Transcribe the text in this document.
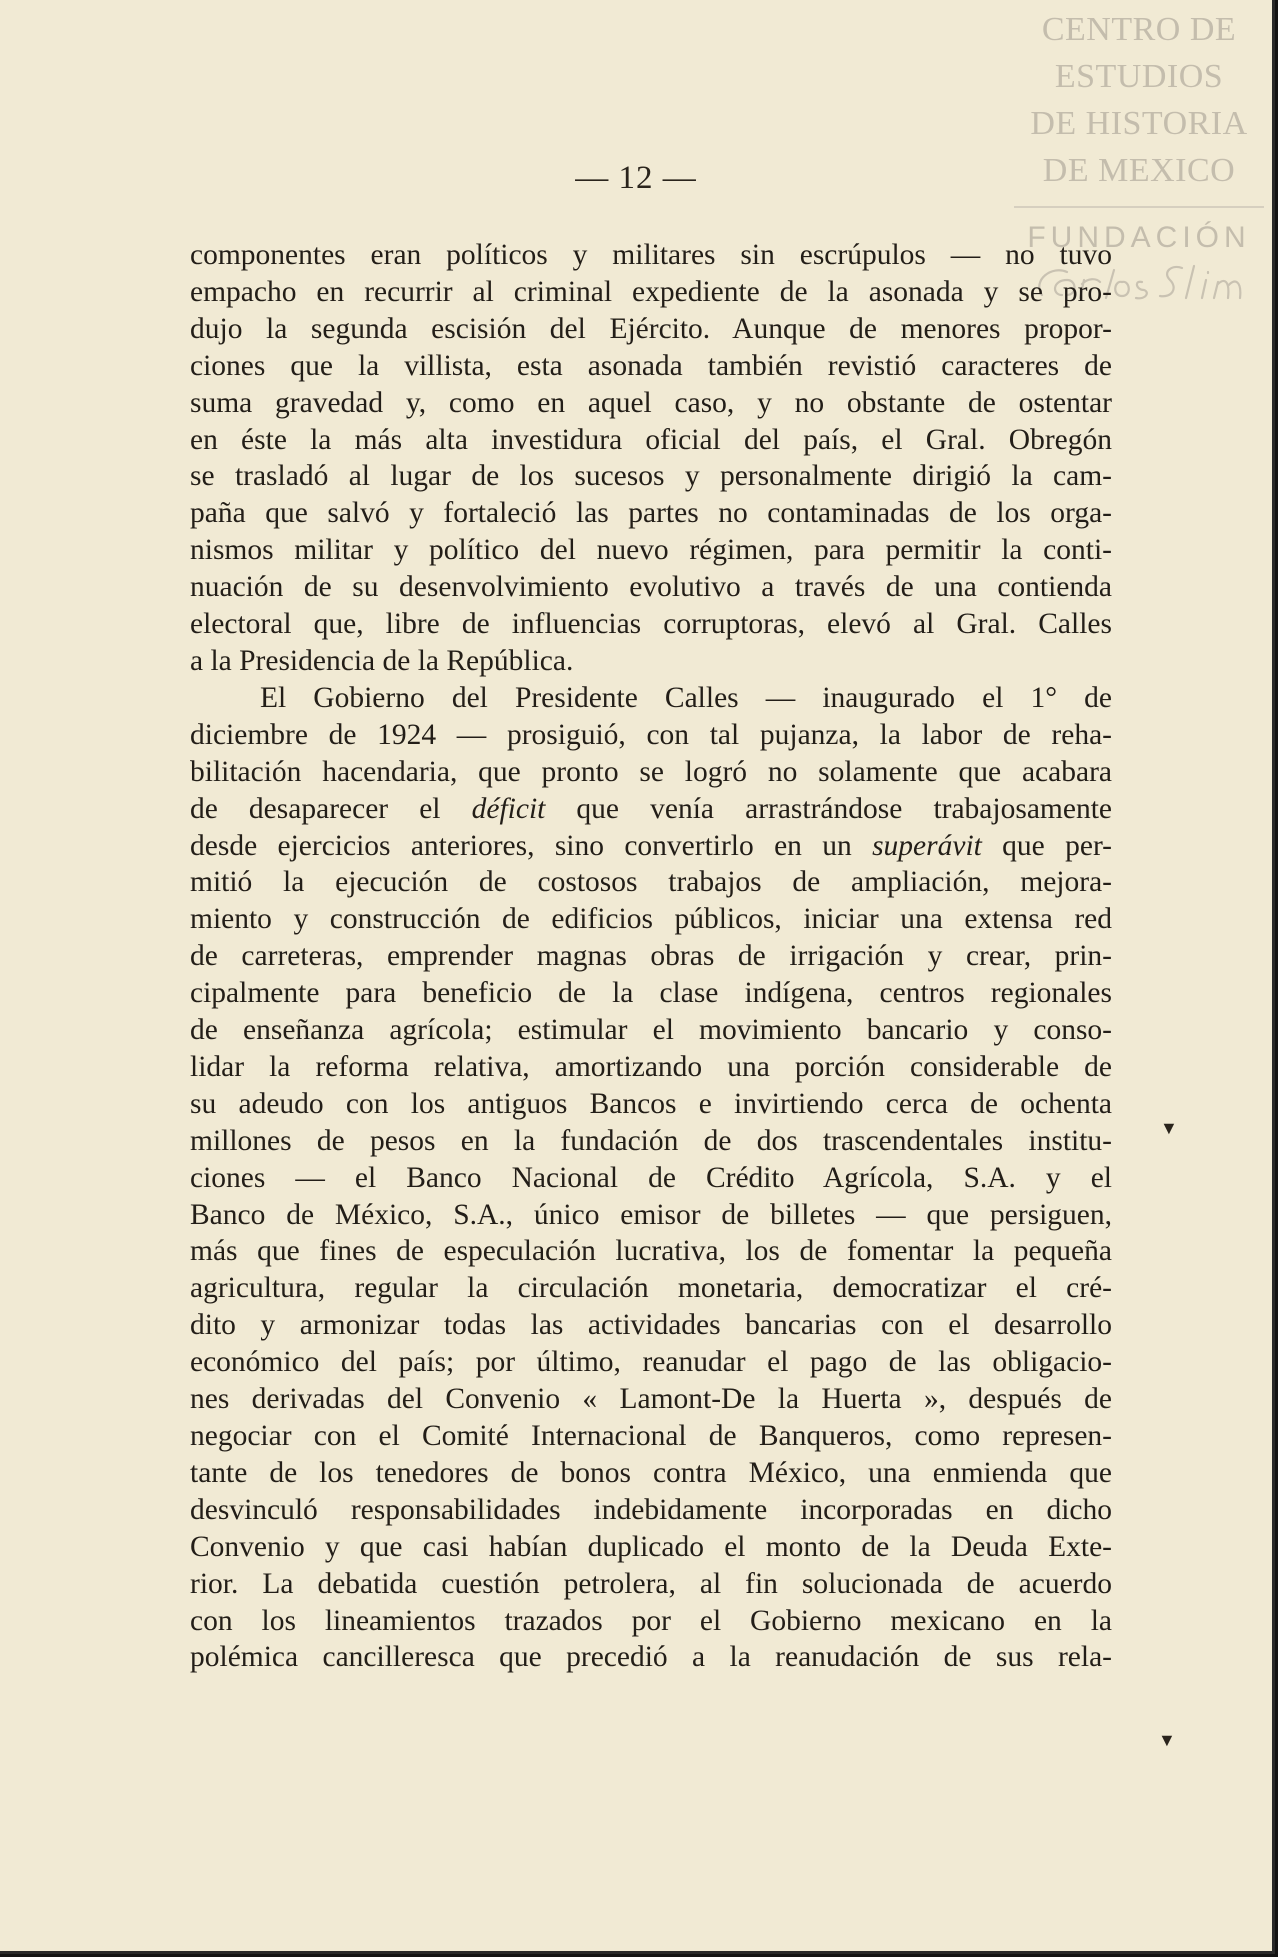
CENTRO DE
ESTUDIOS
DE HISTORIA
DE MEXICO
FUNDACIÓN
— 12 —
componentes eran políticos y militares sin escrúpulos — no tuvo
empacho en recurrir al criminal expediente de la asonada y se pro-
dujo la segunda escisión del Ejército. Aunque de menores propor-
ciones que la villista, esta asonada también revistió caracteres de
suma gravedad y, como en aquel caso, y no obstante de ostentar
en éste la más alta investidura oficial del país, el Gral. Obregón
se trasladó al lugar de los sucesos y personalmente dirigió la cam-
paña que salvó y fortaleció las partes no contaminadas de los orga-
nismos militar y político del nuevo régimen, para permitir la conti-
nuación de su desenvolvimiento evolutivo a través de una contienda
electoral que, libre de influencias corruptoras, elevó al Gral. Calles
a la Presidencia de la República.
El Gobierno del Presidente Calles — inaugurado el 1° de
diciembre de 1924 — prosiguió, con tal pujanza, la labor de reha-
bilitación hacendaria, que pronto se logró no solamente que acabara
de desaparecer el déficit que venía arrastrándose trabajosamente
desde ejercicios anteriores, sino convertirlo en un superávit que per-
mitió la ejecución de costosos trabajos de ampliación, mejora-
miento y construcción de edificios públicos, iniciar una extensa red
de carreteras, emprender magnas obras de irrigación y crear, prin-
cipalmente para beneficio de la clase indígena, centros regionales
de enseñanza agrícola; estimular el movimiento bancario y conso-
lidar la reforma relativa, amortizando una porción considerable de
su adeudo con los antiguos Bancos e invirtiendo cerca de ochenta
millones de pesos en la fundación de dos trascendentales institu-
ciones — el Banco Nacional de Crédito Agrícola, S.A. y el
Banco de México, S.A., único emisor de billetes — que persiguen,
más que fines de especulación lucrativa, los de fomentar la pequeña
agricultura, regular la circulación monetaria, democratizar el cré-
dito y armonizar todas las actividades bancarias con el desarrollo
económico del país; por último, reanudar el pago de las obligacio-
nes derivadas del Convenio « Lamont-De la Huerta », después de
negociar con el Comité Internacional de Banqueros, como represen-
tante de los tenedores de bonos contra México, una enmienda que
desvinculó responsabilidades indebidamente incorporadas en dicho
Convenio y que casi habían duplicado el monto de la Deuda Exte-
rior. La debatida cuestión petrolera, al fin solucionada de acuerdo
con los lineamientos trazados por el Gobierno mexicano en la
polémica cancilleresca que precedió a la reanudación de sus rela-
▼
▼
